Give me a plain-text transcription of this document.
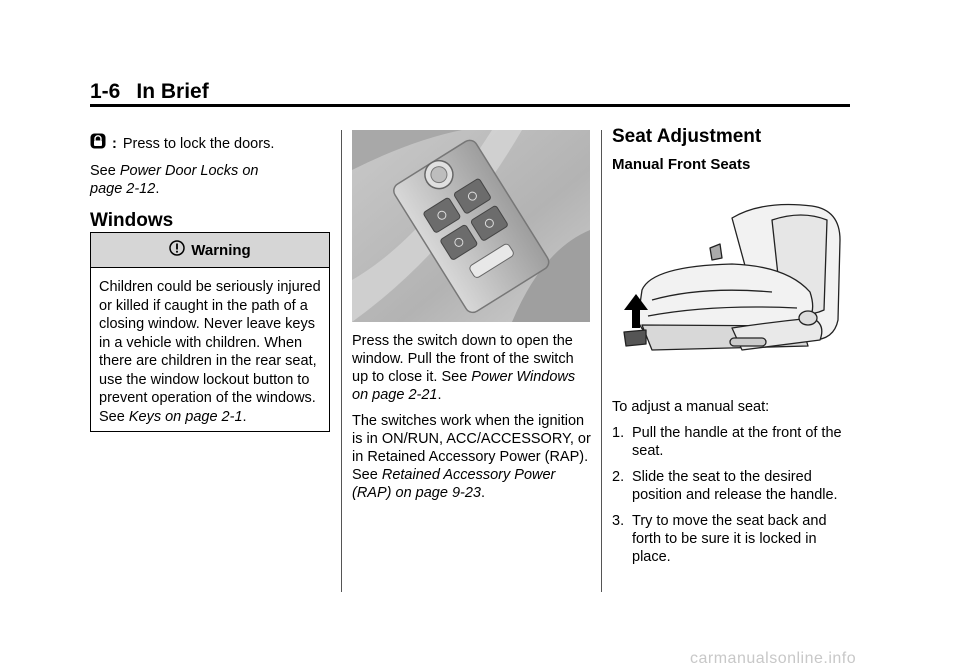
1-6 In Brief
: Press to lock the doors.

See Power Door Locks on page 2-12.

Windows
Warning
Children could be seriously injured or killed if caught in the path of a closing window. Never leave keys in a vehicle with children. When there are children in the rear seat, use the window lockout button to prevent operation of the windows. See Keys on page 2-1.

Press the switch down to open the window. Pull the front of the switch up to close it. See Power Windows on page 2-21.

The switches work when the ignition is in ON/RUN, ACC/ACCESSORY, or in Retained Accessory Power (RAP). See Retained Accessory Power (RAP) on page 9-23.

Seat Adjustment
Manual Front Seats

To adjust a manual seat:

1. Pull the handle at the front of the seat.
2. Slide the seat to the desired position and release the handle.
3. Try to move the seat back and forth to be sure it is locked in place.
carmanualsonline.info
